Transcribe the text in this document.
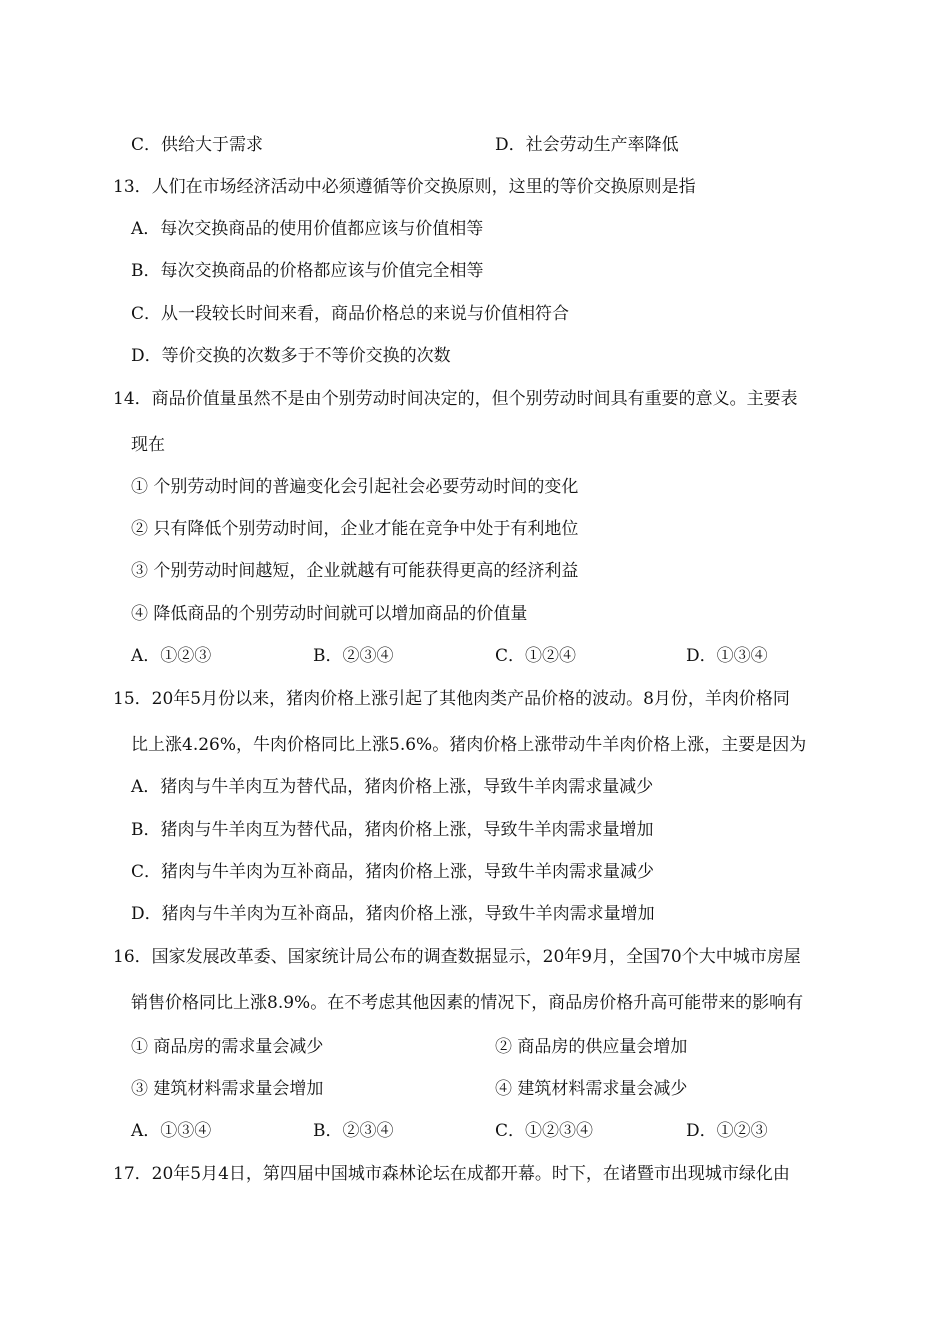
C．供给大于需求	D．社会劳动生产率降低
13．人们在市场经济活动中必须遵循等价交换原则，这里的等价交换原则是指
A．每次交换商品的使用价值都应该与价值相等
B．每次交换商品的价格都应该与价值完全相等
C．从一段较长时间来看，商品价格总的来说与价值相符合
D．等价交换的次数多于不等价交换的次数
14．商品价值量虽然不是由个别劳动时间决定的，但个别劳动时间具有重要的意义。主要表
现在
① 个别劳动时间的普遍变化会引起社会必要劳动时间的变化
② 只有降低个别劳动时间，企业才能在竞争中处于有利地位
③ 个别劳动时间越短，企业就越有可能获得更高的经济利益
④ 降低商品的个别劳动时间就可以增加商品的价值量
A．①②③	B．②③④	C．①②④	D．①③④
15．20年5月份以来，猪肉价格上涨引起了其他肉类产品价格的波动。8月份，羊肉价格同
比上涨4.26%，牛肉价格同比上涨5.6%。猪肉价格上涨带动牛羊肉价格上涨，主要是因为
A．猪肉与牛羊肉互为替代品，猪肉价格上涨，导致牛羊肉需求量减少
B．猪肉与牛羊肉互为替代品，猪肉价格上涨，导致牛羊肉需求量增加
C．猪肉与牛羊肉为互补商品，猪肉价格上涨，导致牛羊肉需求量减少
D．猪肉与牛羊肉为互补商品，猪肉价格上涨，导致牛羊肉需求量增加
16．国家发展改革委、国家统计局公布的调查数据显示，20年9月，全国70个大中城市房屋
销售价格同比上涨8.9%。在不考虑其他因素的情况下，商品房价格升高可能带来的影响有
① 商品房的需求量会减少	② 商品房的供应量会增加
③ 建筑材料需求量会增加	④ 建筑材料需求量会减少
A．①③④	B．②③④	C．①②③④	D．①②③
17．20年5月4日，第四届中国城市森林论坛在成都开幕。时下，在诸暨市出现城市绿化由
